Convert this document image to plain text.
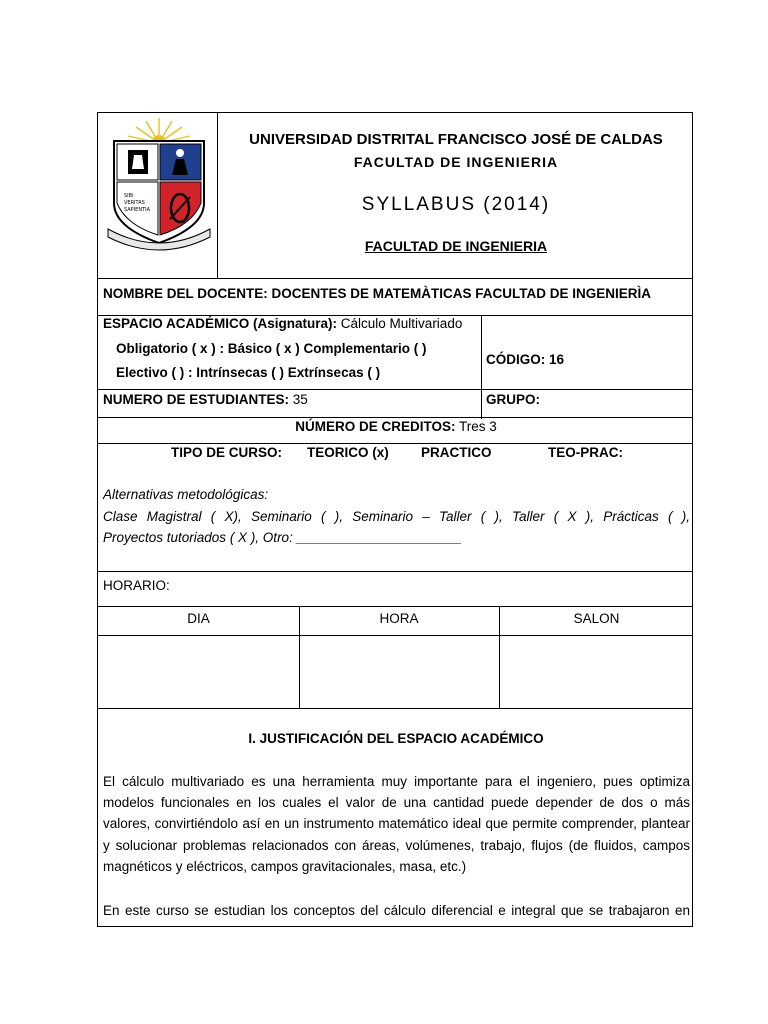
SIBI
VERITAS
SAPIENTIA
UNIVERSIDAD DISTRITAL FRANCISCO JOSÉ DE CALDAS
FACULTAD DE INGENIERIA
SYLLABUS (2014)
FACULTAD DE INGENIERIA
NOMBRE DEL DOCENTE: DOCENTES DE MATEMÀTICAS FACULTAD DE INGENIERÌA
ESPACIO ACADÉMICO (Asignatura): Cálculo Multivariado
Obligatorio ( x ) : Básico ( x ) Complementario ( )
Electivo ( ) : Intrínsecas ( ) Extrínsecas ( )
CÓDIGO: 16
NUMERO DE ESTUDIANTES: 35	GRUPO:
NÚMERO DE CREDITOS: Tres 3
TIPO DE CURSO: TEORICO (x) PRACTICO	TEO-PRAC:
Alternativas metodológicas:
Clase Magistral ( X), Seminario ( ), Seminario – Taller ( ), Taller ( X ), Prácticas ( ),
Proyectos tutoriados ( X ), Otro: ______________________
HORARIO:
DIA	HORA	SALON
I. JUSTIFICACIÓN DEL ESPACIO ACADÉMICO
El cálculo multivariado es una herramienta muy importante para el ingeniero, pues optimiza modelos funcionales en los cuales el valor de una cantidad puede depender de dos o más valores, convirtiéndolo así en un instrumento matemático ideal que permite comprender, plantear y solucionar problemas relacionados con áreas, volúmenes, trabajo, flujos (de fluidos, campos magnéticos y eléctricos, campos gravitacionales, masa, etc.)
En este curso se estudian los conceptos del cálculo diferencial e integral que se trabajaron en
